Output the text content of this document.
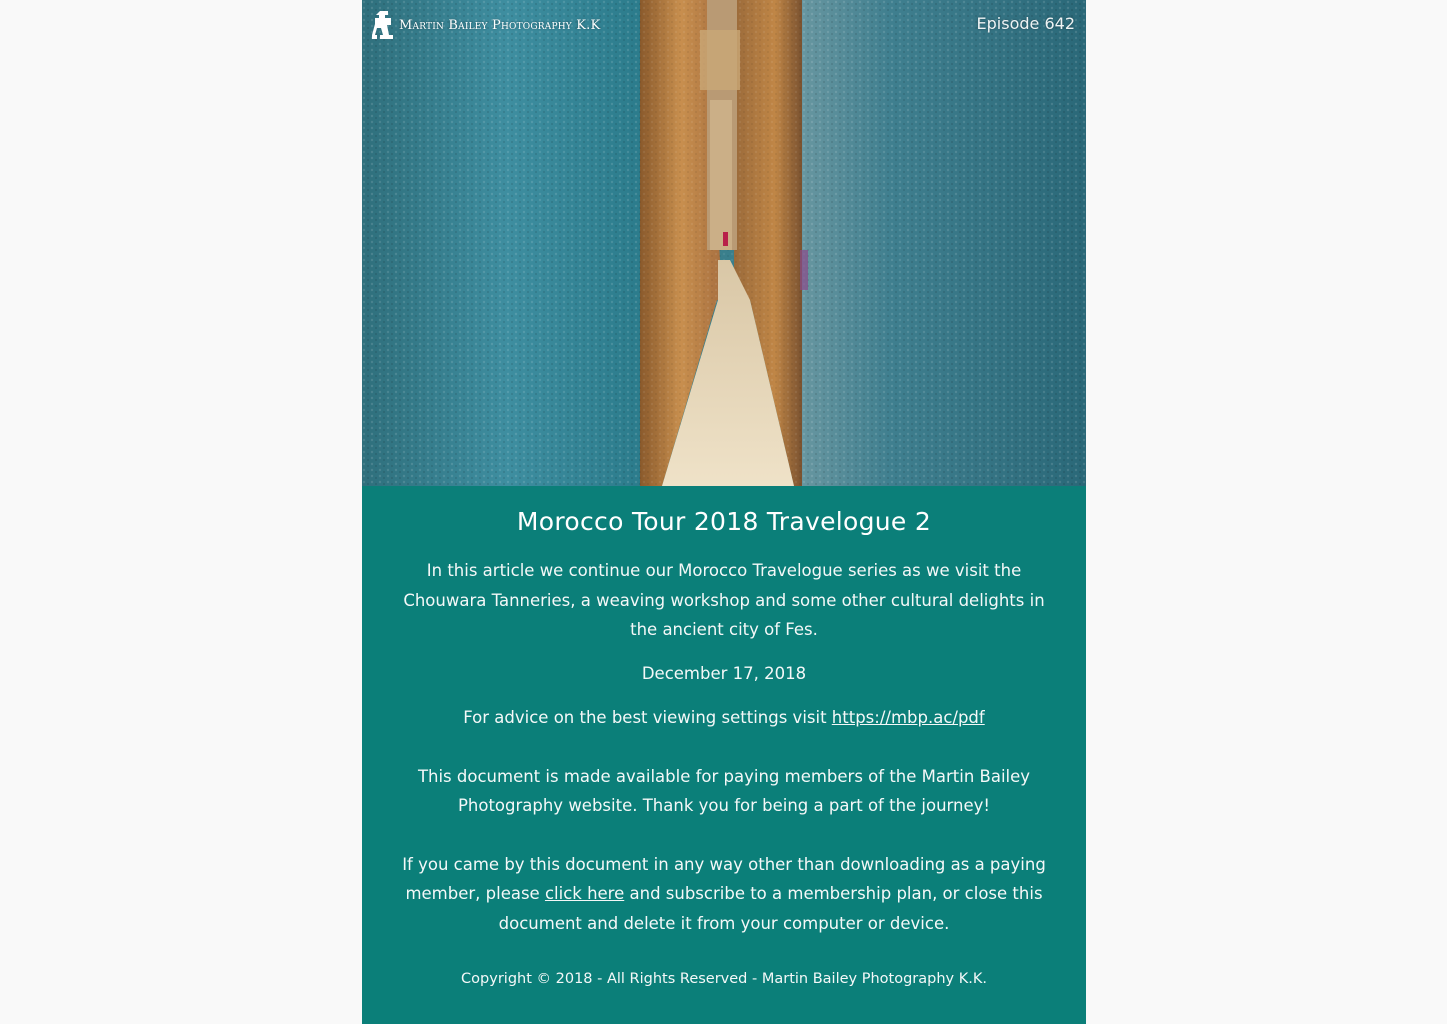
Martin Bailey Photography K.K	Episode 642
Morocco Tour 2018 Travelogue 2

In this article we continue our Morocco Travelogue series as we visit the Chouwara Tanneries, a weaving workshop and some other cultural delights in the ancient city of Fes.

December 17, 2018

For advice on the best viewing settings visit https://mbp.ac/pdf

This document is made available for paying members of the Martin Bailey Photography website. Thank you for being a part of the journey!

If you came by this document in any way other than downloading as a paying member, please click here and subscribe to a membership plan, or close this document and delete it from your computer or device.

Copyright © 2018 - All Rights Reserved - Martin Bailey Photography K.K.
